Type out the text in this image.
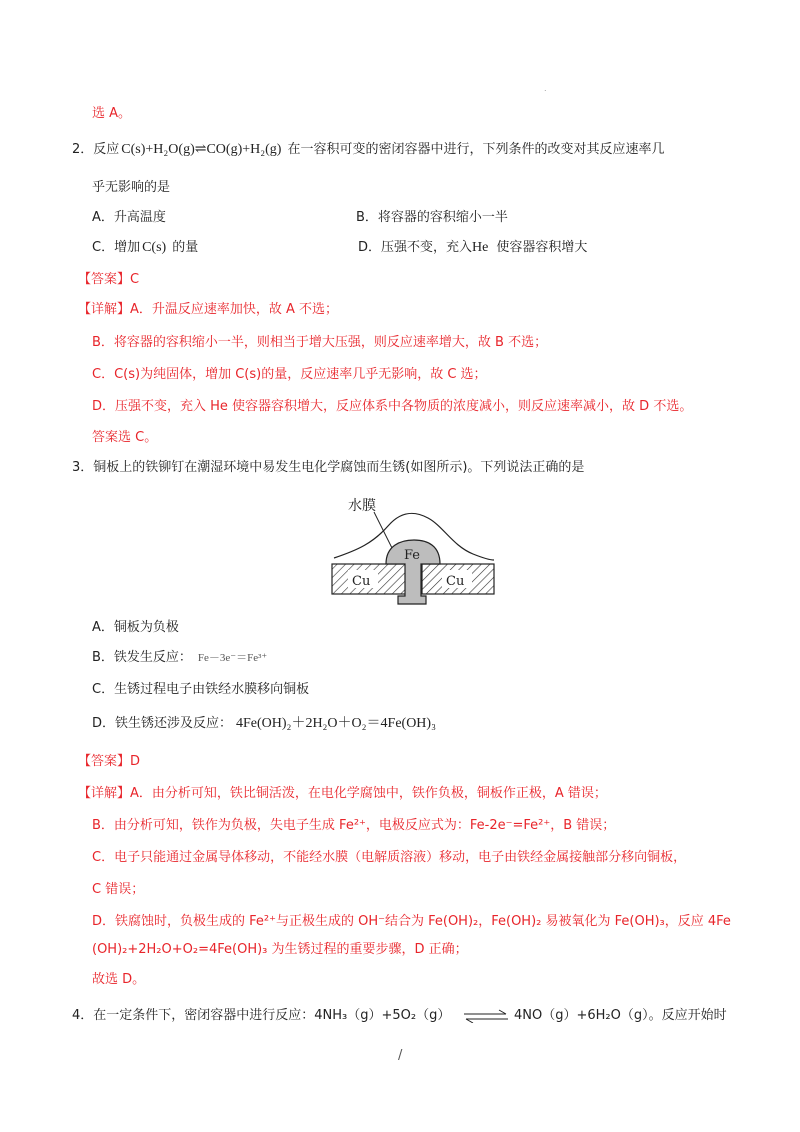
.
选 A。
2．反应 C(s)+H₂O(g)⇌CO(g)+H₂(g) 在一容积可变的密闭容器中进行，下列条件的改变对其反应速率几
乎无影响的是
A．升高温度	B．将容器的容积缩小一半
C．增加 C(s) 的量	D．压强不变，充入He 使容器容积增大
【答案】C
【详解】A．升温反应速率加快，故 A 不选；
B．将容器的容积缩小一半，则相当于增大压强，则反应速率增大，故 B 不选；
C．C(s)为纯固体，增加 C(s)的量，反应速率几乎无影响，故 C 选；
D．压强不变，充入 He 使容器容积增大，反应体系中各物质的浓度减小，则反应速率减小，故 D 不选。
答案选 C。
3．铜板上的铁铆钉在潮湿环境中易发生电化学腐蚀而生锈(如图所示)。下列说法正确的是
水膜
Cu	Cu
Fe
A．铜板为负极
B．铁发生反应： Fe－3e⁻＝Fe³⁺
C．生锈过程电子由铁经水膜移向铜板
D．铁生锈还涉及反应： 4Fe(OH)₂＋2H₂O＋O₂＝4Fe(OH)₃
【答案】D
【详解】A．由分析可知，铁比铜活泼，在电化学腐蚀中，铁作负极，铜板作正极，A 错误；
B．由分析可知，铁作为负极，失电子生成 Fe²⁺，电极反应式为：Fe-2e⁻=Fe²⁺，B 错误；
C．电子只能通过金属导体移动，不能经水膜（电解质溶液）移动，电子由铁经金属接触部分移向铜板，
C 错误；
D．铁腐蚀时，负极生成的 Fe²⁺与正极生成的 OH⁻结合为 Fe(OH)₂，Fe(OH)₂ 易被氧化为 Fe(OH)₃，反应 4Fe
(OH)₂+2H₂O+O₂=4Fe(OH)₃ 为生锈过程的重要步骤，D 正确；
故选 D。
4．在一定条件下，密闭容器中进行反应：4NH₃（g）+5O₂（g） ⇌ 4NO（g）+6H₂O（g）。反应开始时
/
